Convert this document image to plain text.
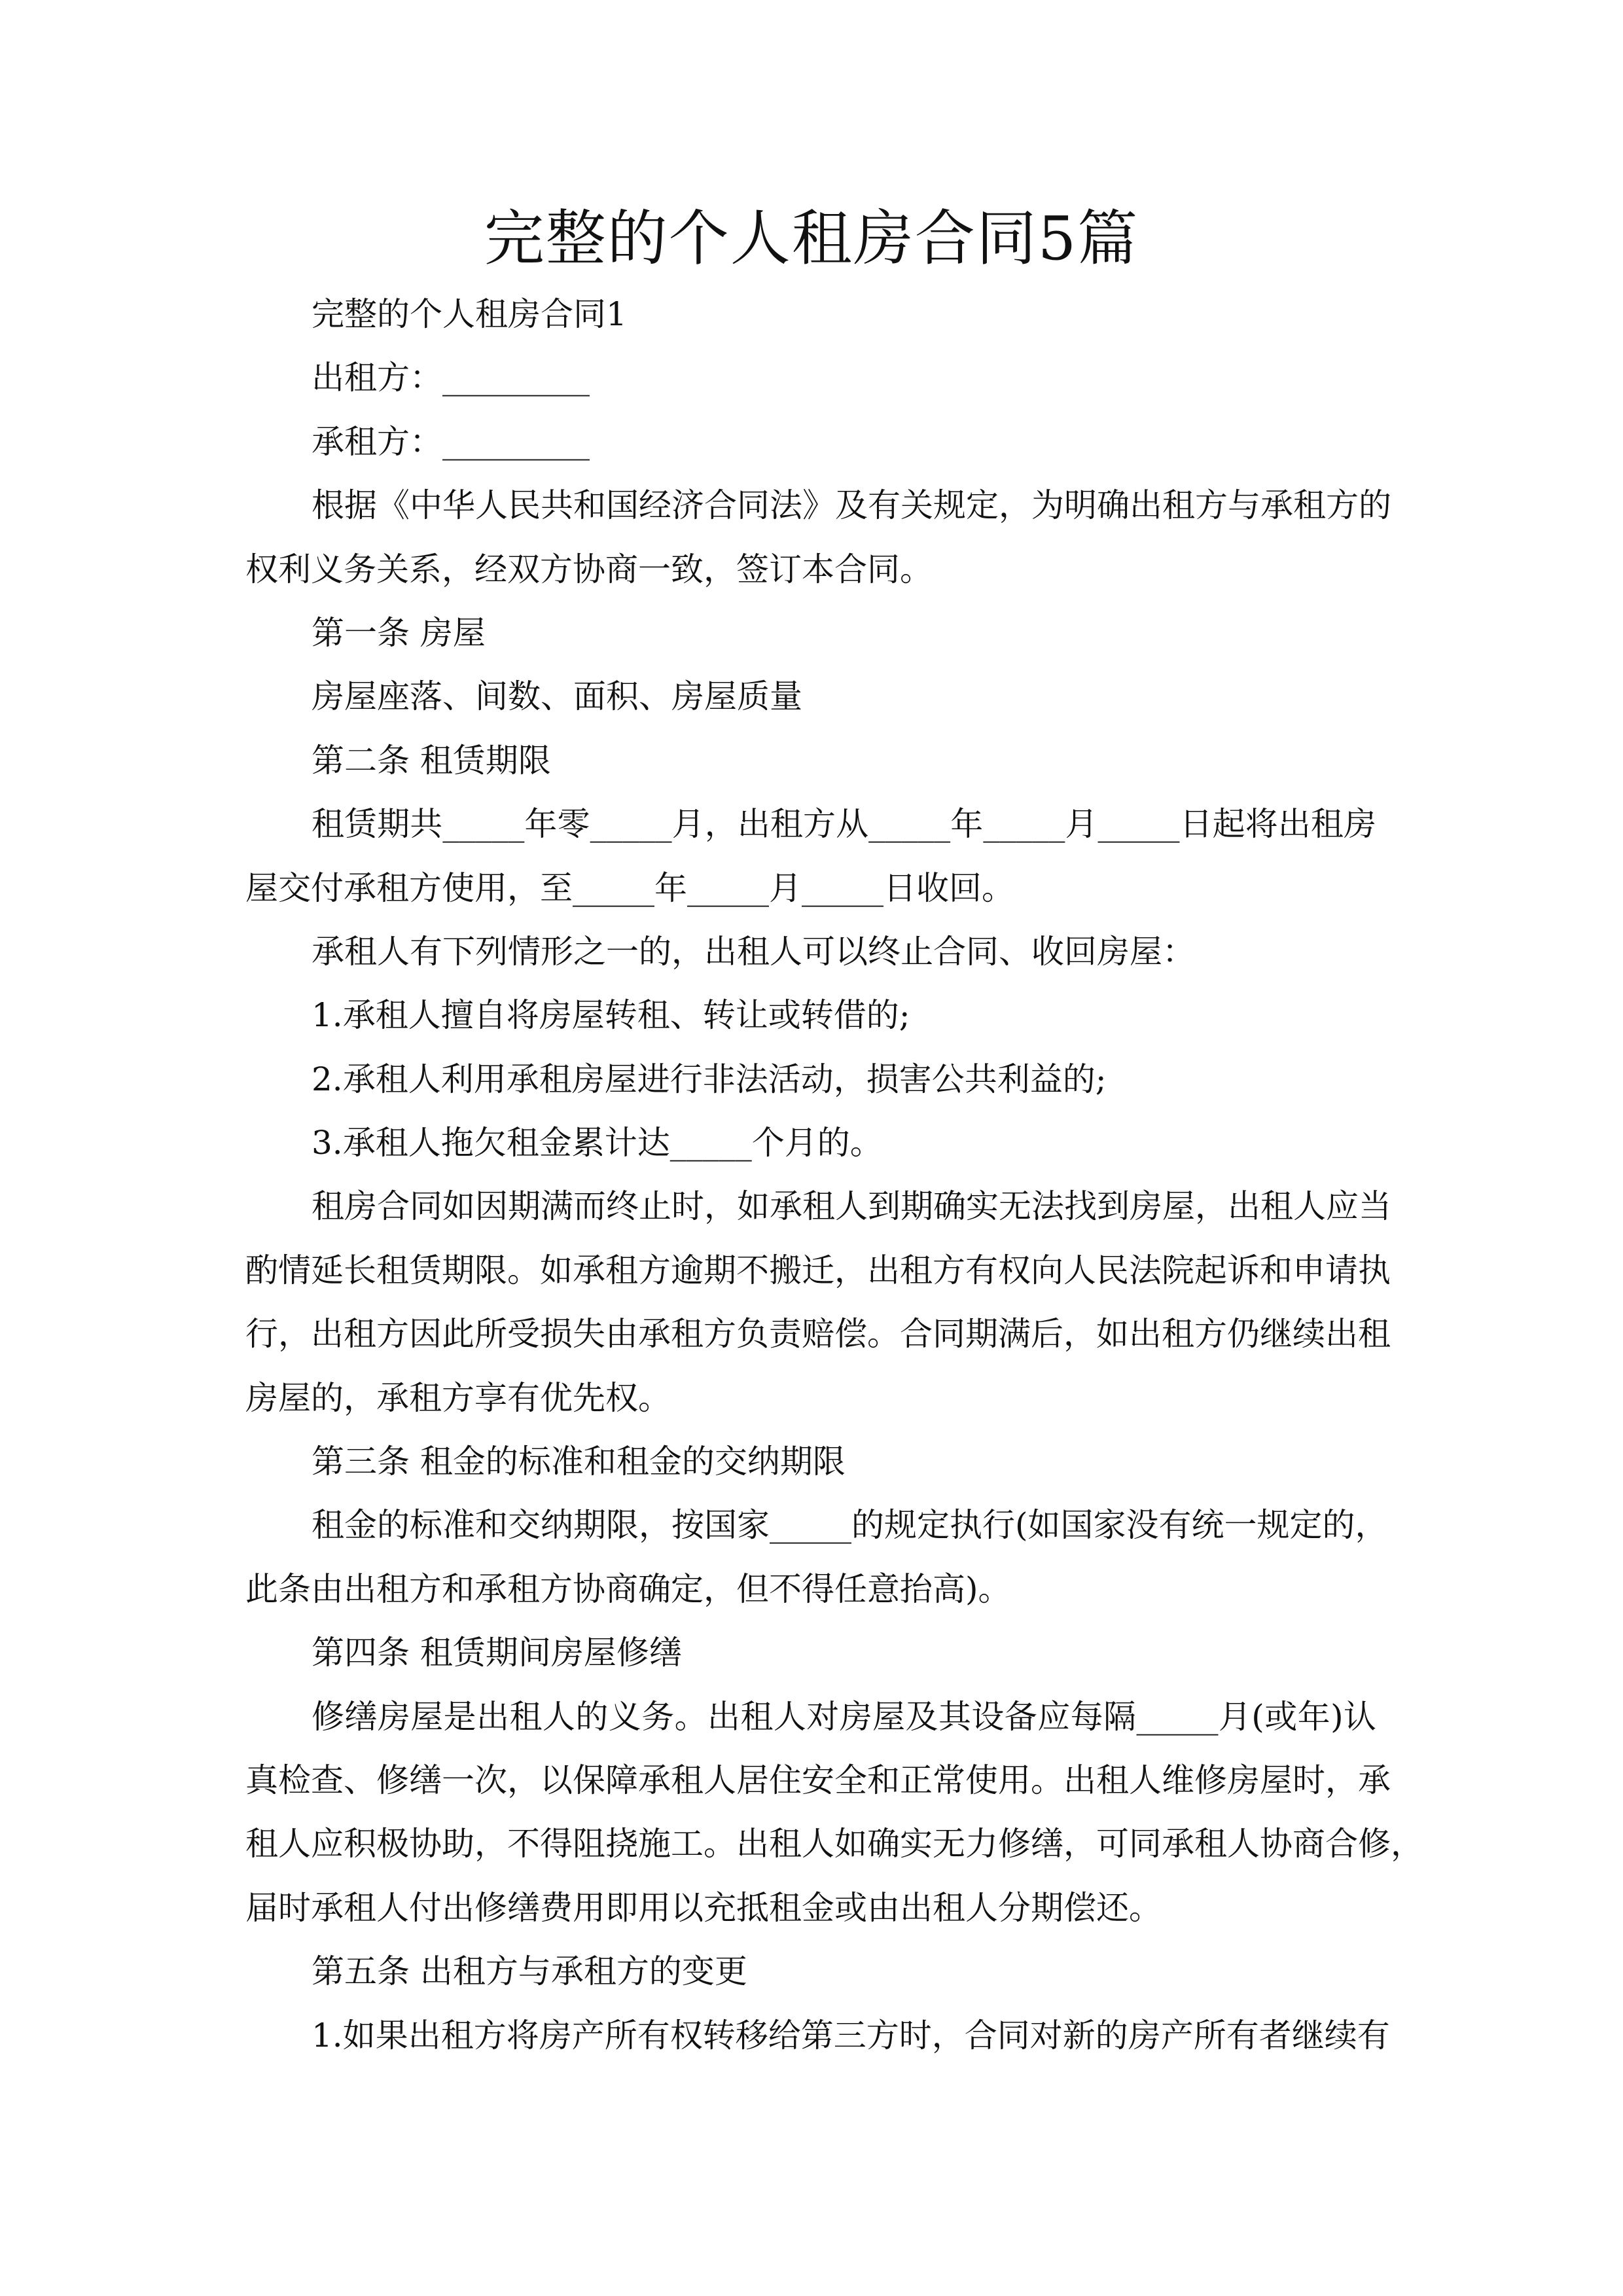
完整的个人租房合同5篇
完整的个人租房合同1
出租方：_________
承租方：_________
根据《中华人民共和国经济合同法》及有关规定，为明确出租方与承租方的
权利义务关系，经双方协商一致，签订本合同。
第一条 房屋
房屋座落、间数、面积、房屋质量
第二条 租赁期限
租赁期共_____年零_____月，出租方从_____年_____月_____日起将出租房
屋交付承租方使用，至_____年_____月_____日收回。
承租人有下列情形之一的，出租人可以终止合同、收回房屋：
1.承租人擅自将房屋转租、转让或转借的;
2.承租人利用承租房屋进行非法活动，损害公共利益的;
3.承租人拖欠租金累计达_____个月的。
租房合同如因期满而终止时，如承租人到期确实无法找到房屋，出租人应当
酌情延长租赁期限。如承租方逾期不搬迁，出租方有权向人民法院起诉和申请执
行，出租方因此所受损失由承租方负责赔偿。合同期满后，如出租方仍继续出租
房屋的，承租方享有优先权。
第三条 租金的标准和租金的交纳期限
租金的标准和交纳期限，按国家_____的规定执行(如国家没有统一规定的，
此条由出租方和承租方协商确定，但不得任意抬高)。
第四条 租赁期间房屋修缮
修缮房屋是出租人的义务。出租人对房屋及其设备应每隔_____月(或年)认
真检查、修缮一次，以保障承租人居住安全和正常使用。出租人维修房屋时，承
租人应积极协助，不得阻挠施工。出租人如确实无力修缮，可同承租人协商合修，
届时承租人付出修缮费用即用以充抵租金或由出租人分期偿还。
第五条 出租方与承租方的变更
1.如果出租方将房产所有权转移给第三方时，合同对新的房产所有者继续有
